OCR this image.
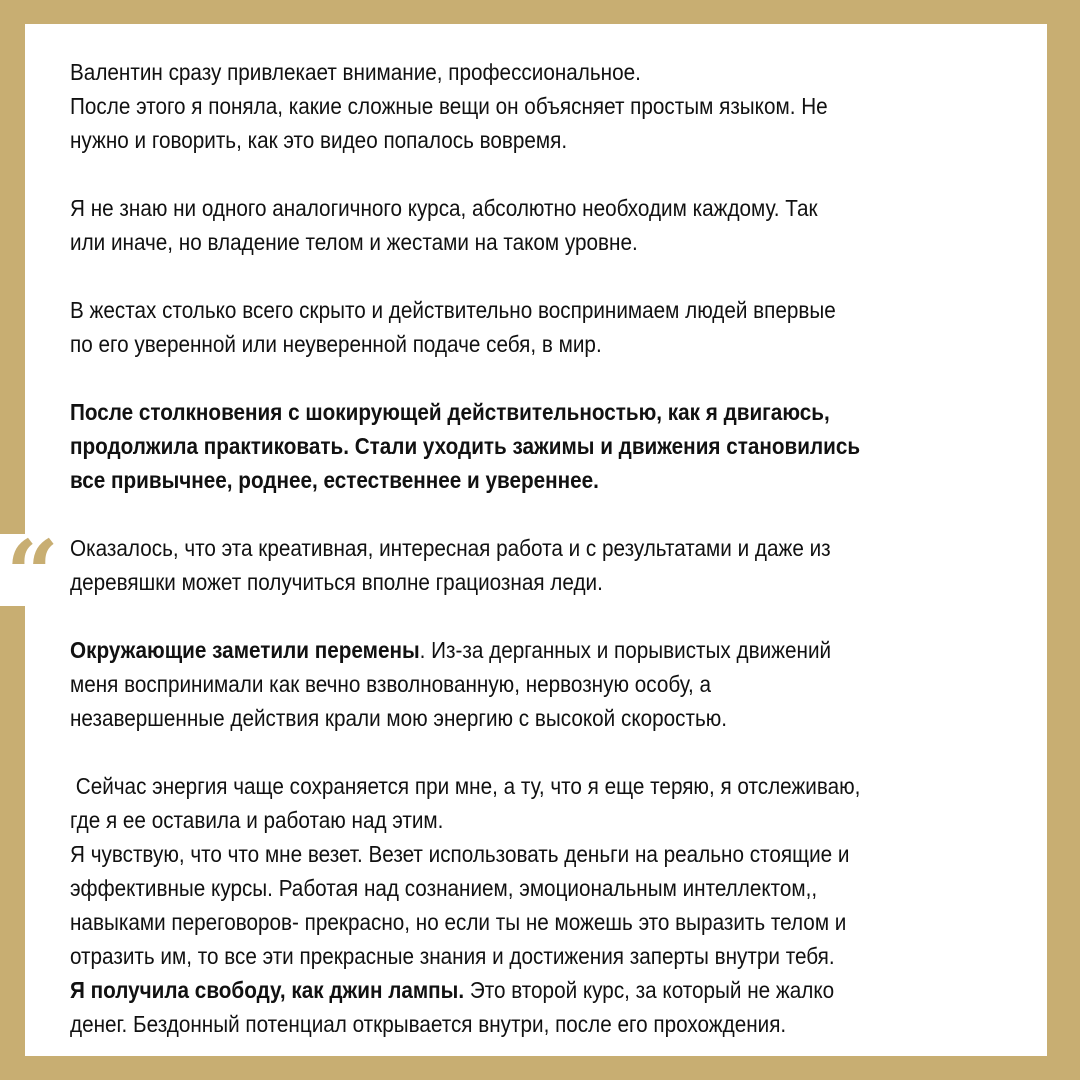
Валентин сразу привлекает внимание, профессиональное.
После этого я поняла, какие сложные вещи он объясняет простым языком. Не
нужно и говорить, как это видео попалось вовремя.

Я не знаю ни одного аналогичного курса, абсолютно необходим каждому. Так
или иначе, но владение телом и жестами на таком уровне.

В жестах столько всего скрыто и действительно воспринимаем людей впервые
по его уверенной или неуверенной подаче себя, в мир.

После столкновения с шокирующей действительностью, как я двигаюсь,
продолжила практиковать. Стали уходить зажимы и движения становились
все привычнее, роднее, естественнее и увереннее.

Оказалось, что эта креативная, интересная работа и с результатами и даже из
деревяшки может получиться вполне грациозная леди.

Окружающие заметили перемены. Из-за дерганных и порывистых движений
меня воспринимали как вечно взволнованную, нервозную особу, а
незавершенные действия крали мою энергию с высокой скоростью.

Сейчас энергия чаще сохраняется при мне, а ту, что я еще теряю, я отслеживаю,
где я ее оставила и работаю над этим.
Я чувствую, что что мне везет. Везет использовать деньги на реально стоящие и
эффективные курсы. Работая над сознанием, эмоциональным интеллектом,,
навыками переговоров- прекрасно, но если ты не можешь это выразить телом и
отразить им, то все эти прекрасные знания и достижения заперты внутри тебя.
Я получила свободу, как джин лампы. Это второй курс, за который не жалко
денег. Бездонный потенциал открывается внутри, после его прохождения.

“
